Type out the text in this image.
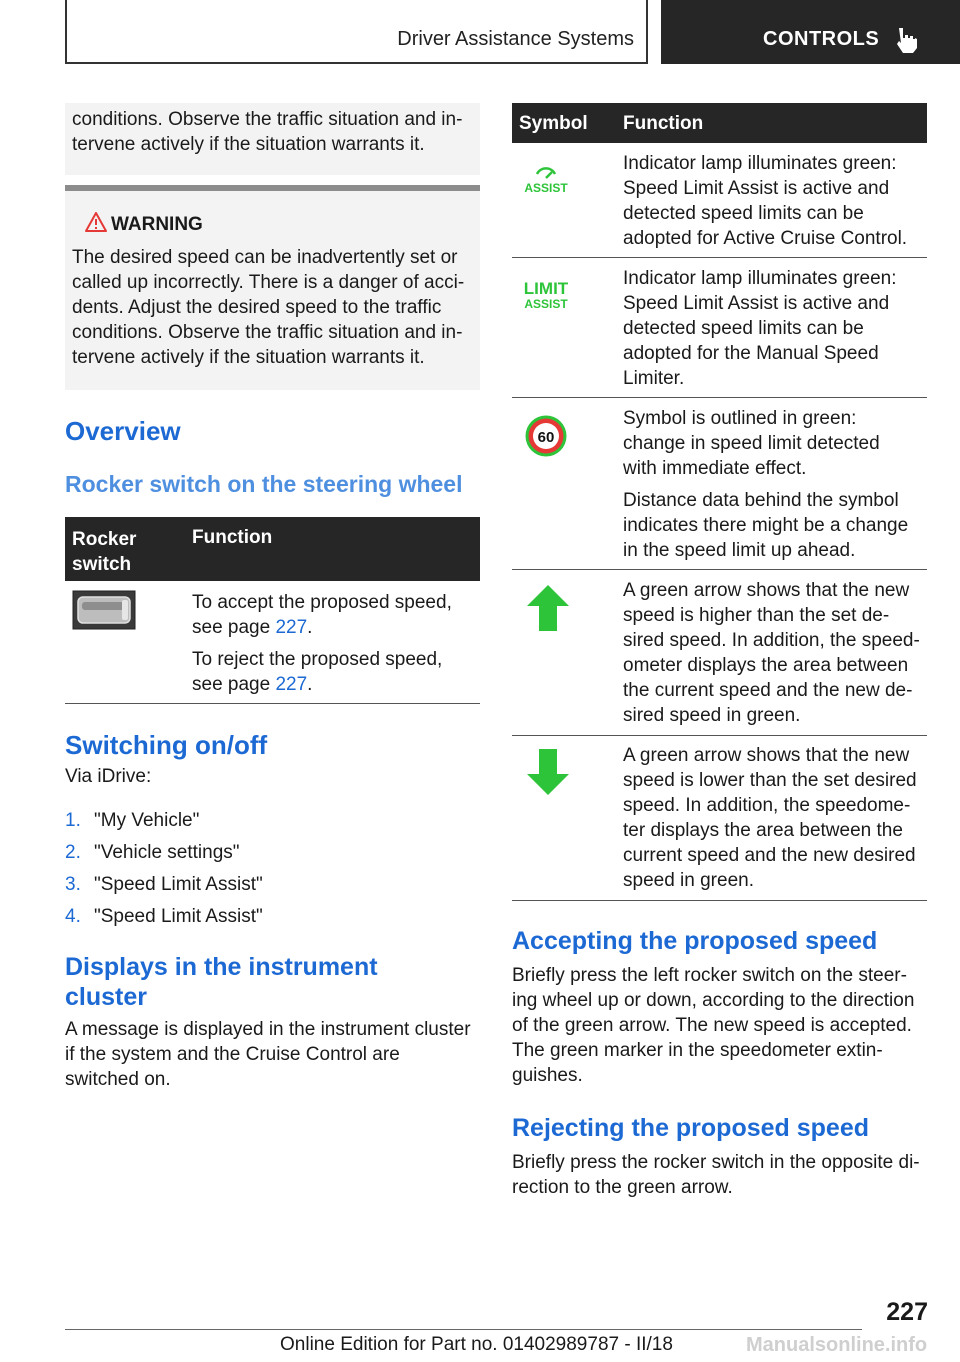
Driver Assistance Systems	CONTROLS
conditions. Observe the traffic situation and in‐
tervene actively if the situation warrants it.
WARNING
The desired speed can be inadvertently set or
called up incorrectly. There is a danger of acci‐
dents. Adjust the desired speed to the traffic
conditions. Observe the traffic situation and in‐
tervene actively if the situation warrants it.
Overview
Rocker switch on the steering wheel
Rocker
switch
Function
To accept the proposed speed,
see page 227.
To reject the proposed speed,
see page 227.
Switching on/off
Via iDrive:
1. "My Vehicle"
2. "Vehicle settings"
3. "Speed Limit Assist"
4. "Speed Limit Assist"
Displays in the instrument
cluster
A message is displayed in the instrument cluster
if the system and the Cruise Control are
switched on.
Symbol Function
ASSIST
Indicator lamp illuminates green:
Speed Limit Assist is active and
detected speed limits can be
adopted for Active Cruise Control.
LIMIT
ASSIST
Indicator lamp illuminates green:
Speed Limit Assist is active and
detected speed limits can be
adopted for the Manual Speed
Limiter.
60
Symbol is outlined in green:
change in speed limit detected
with immediate effect.
Distance data behind the symbol
indicates there might be a change
in the speed limit up ahead.
A green arrow shows that the new
speed is higher than the set de‐
sired speed. In addition, the speed‐
ometer displays the area between
the current speed and the new de‐
sired speed in green.
A green arrow shows that the new
speed is lower than the set desired
speed. In addition, the speedome‐
ter displays the area between the
current speed and the new desired
speed in green.
Accepting the proposed speed
Briefly press the left rocker switch on the steer‐
ing wheel up or down, according to the direction
of the green arrow. The new speed is accepted.
The green marker in the speedometer extin‐
guishes.
Rejecting the proposed speed
Briefly press the rocker switch in the opposite di‐
rection to the green arrow.
227
Online Edition for Part no. 01402989787 - II/18	Manualsonline.info
